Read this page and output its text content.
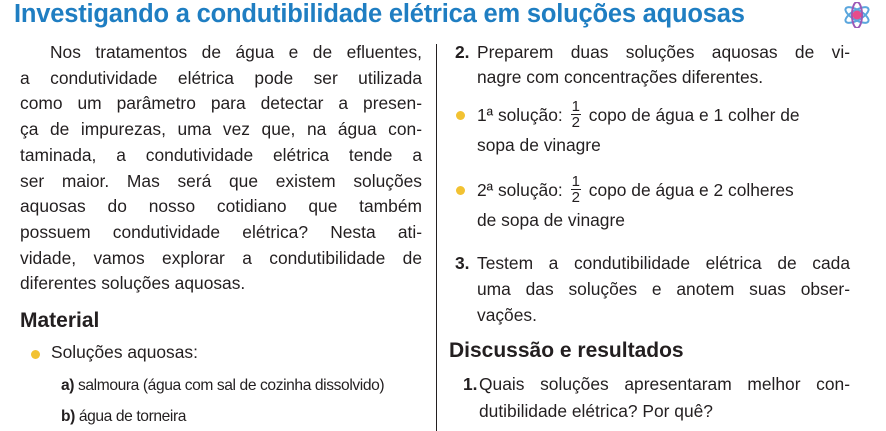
Investigando a condutibilidade elétrica em soluções aquosas
Nos tratamentos de água e de efluentes,
a condutividade elétrica pode ser utilizada
como um parâmetro para detectar a presen-
ça de impurezas, uma vez que, na água con-
taminada, a condutividade elétrica tende a
ser maior. Mas será que existem soluções
aquosas do nosso cotidiano que também
possuem condutividade elétrica? Nesta ati-
vidade, vamos explorar a condutibilidade de
diferentes soluções aquosas.
Material
Soluções aquosas:
a) salmoura (água com sal de cozinha dissolvido)
b) água de torneira
2. Preparem duas soluções aquosas de vi-
nagre com concentrações diferentes.
1ª solução: $\frac{1}{2}$ copo de água e 1 colher de
sopa de vinagre
2ª solução: $\frac{1}{2}$ copo de água e 2 colheres
de sopa de vinagre
3. Testem a condutibilidade elétrica de cada
uma das soluções e anotem suas obser-
vações.
Discussão e resultados
1. Quais soluções apresentaram melhor con-
dutibilidade elétrica? Por quê?
